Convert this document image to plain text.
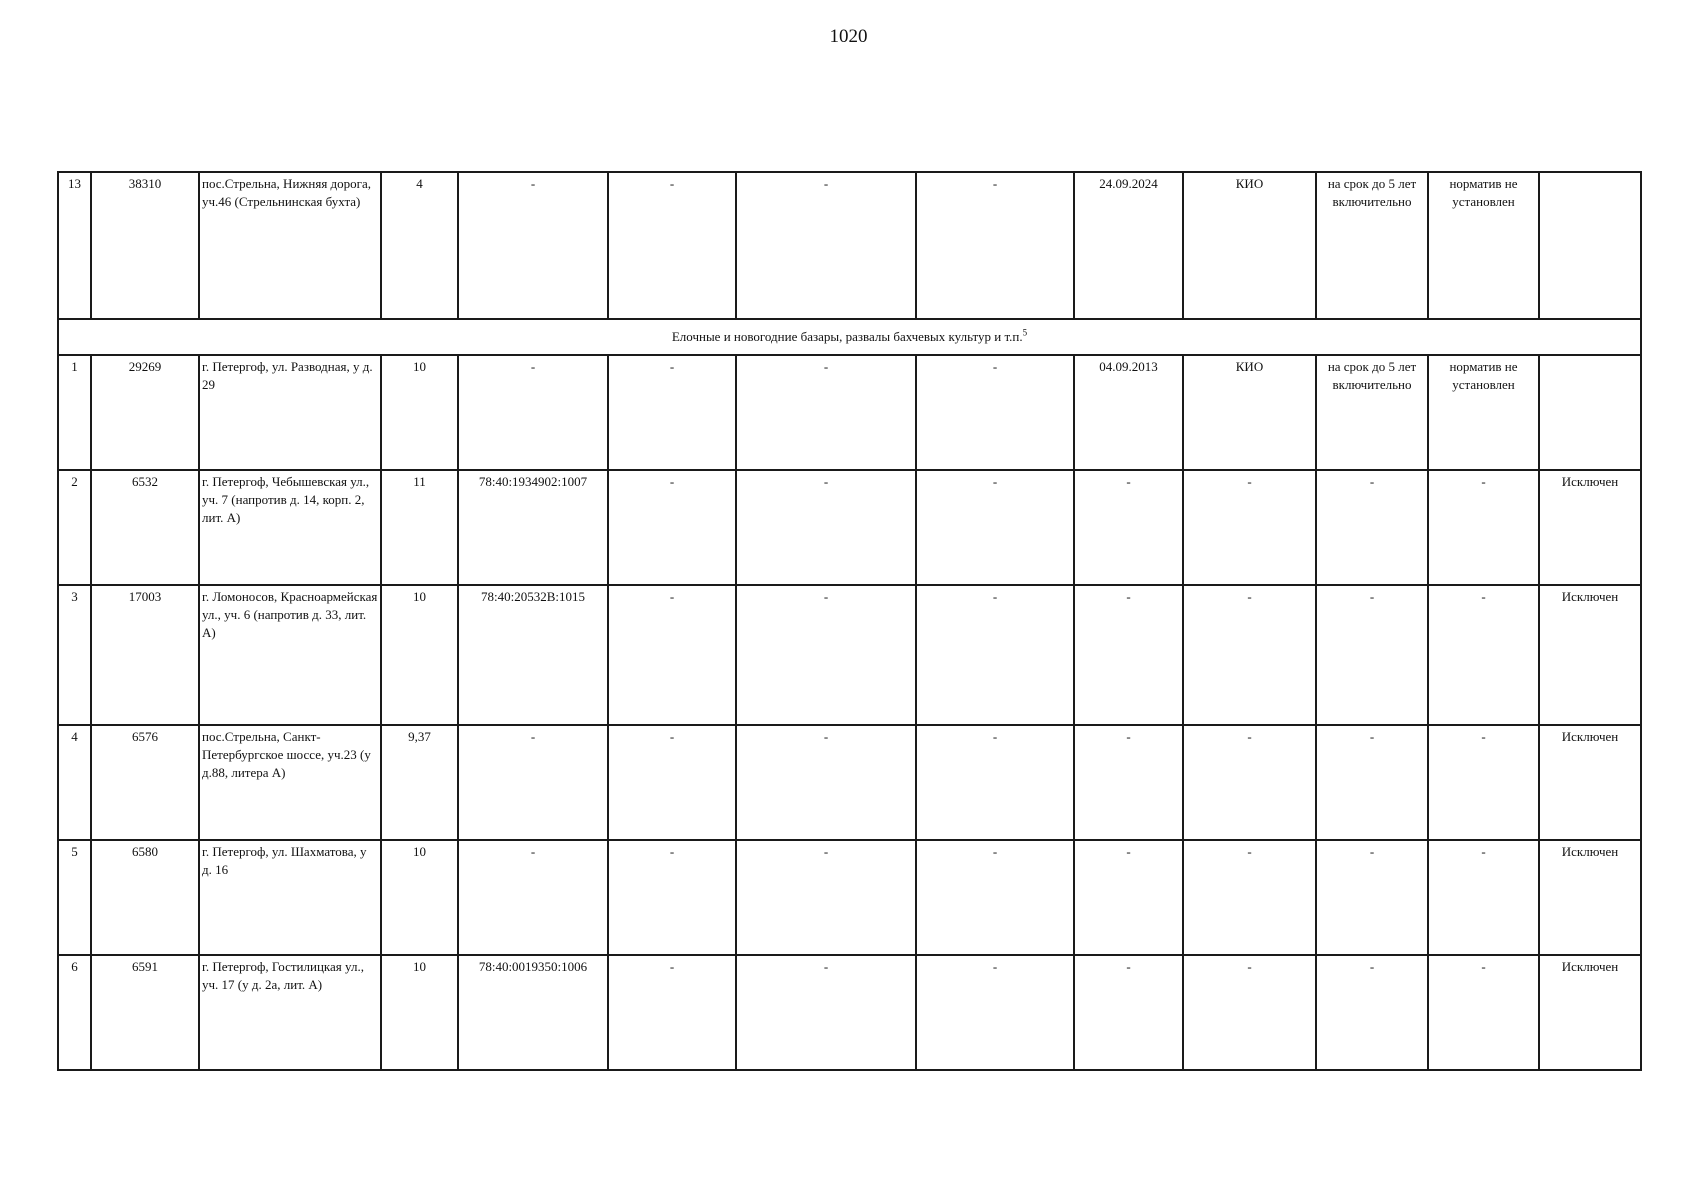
1020
13	38310	пос.Стрельна, Нижняя дорога, уч.46 (Стрельнинская бухта)	4	-	-	-	-	24.09.2024	КИО	на срок до 5 лет включительно	норматив не установлен	
Елочные и новогодние базары, развалы бахчевых культур и т.п.$^5$
1	29269	г. Петергоф, ул. Разводная, у д. 29	10	-	-	-	-	04.09.2013	КИО	на срок до 5 лет включительно	норматив не установлен	
2	6532	г. Петергоф, Чебышевская ул., уч. 7 (напротив д. 14, корп. 2, лит. А)	11	78:40:1934902:1007	-	-	-	-	-	-	-	Исключен
3	17003	г. Ломоносов, Красноармейская ул., уч. 6 (напротив д. 33, лит. А)	10	78:40:20532В:1015	-	-	-	-	-	-	-	Исключен
4	6576	пос.Стрельна, Санкт-Петербургское шоссе, уч.23 (у д.88, литера А)	9,37	-	-	-	-	-	-	-	-	Исключен
5	6580	г. Петергоф, ул. Шахматова, у д. 16	10	-	-	-	-	-	-	-	-	Исключен
6	6591	г. Петергоф, Гостилицкая ул., уч. 17 (у д. 2а, лит. А)	10	78:40:0019350:1006	-	-	-	-	-	-	-	Исключен
